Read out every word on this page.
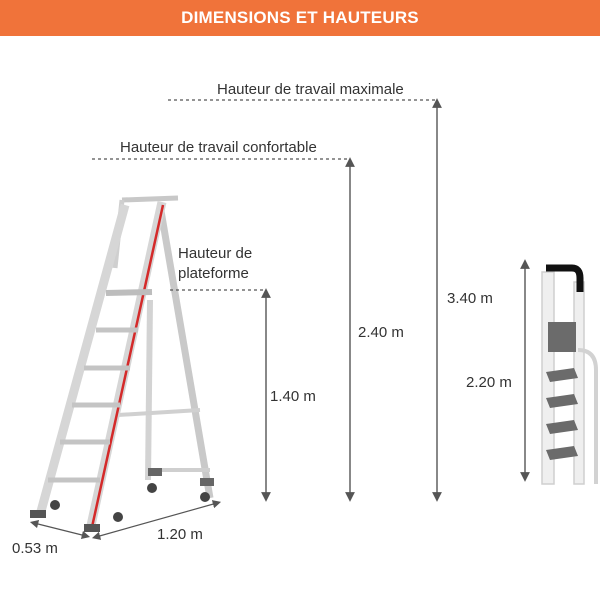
DIMENSIONS ET HAUTEURS
0.53 m
1.20 m
Hauteur de
plateforme
1.40 m
Hauteur de travail confortable
2.40 m
Hauteur de travail maximale
3.40 m
2.20 m
